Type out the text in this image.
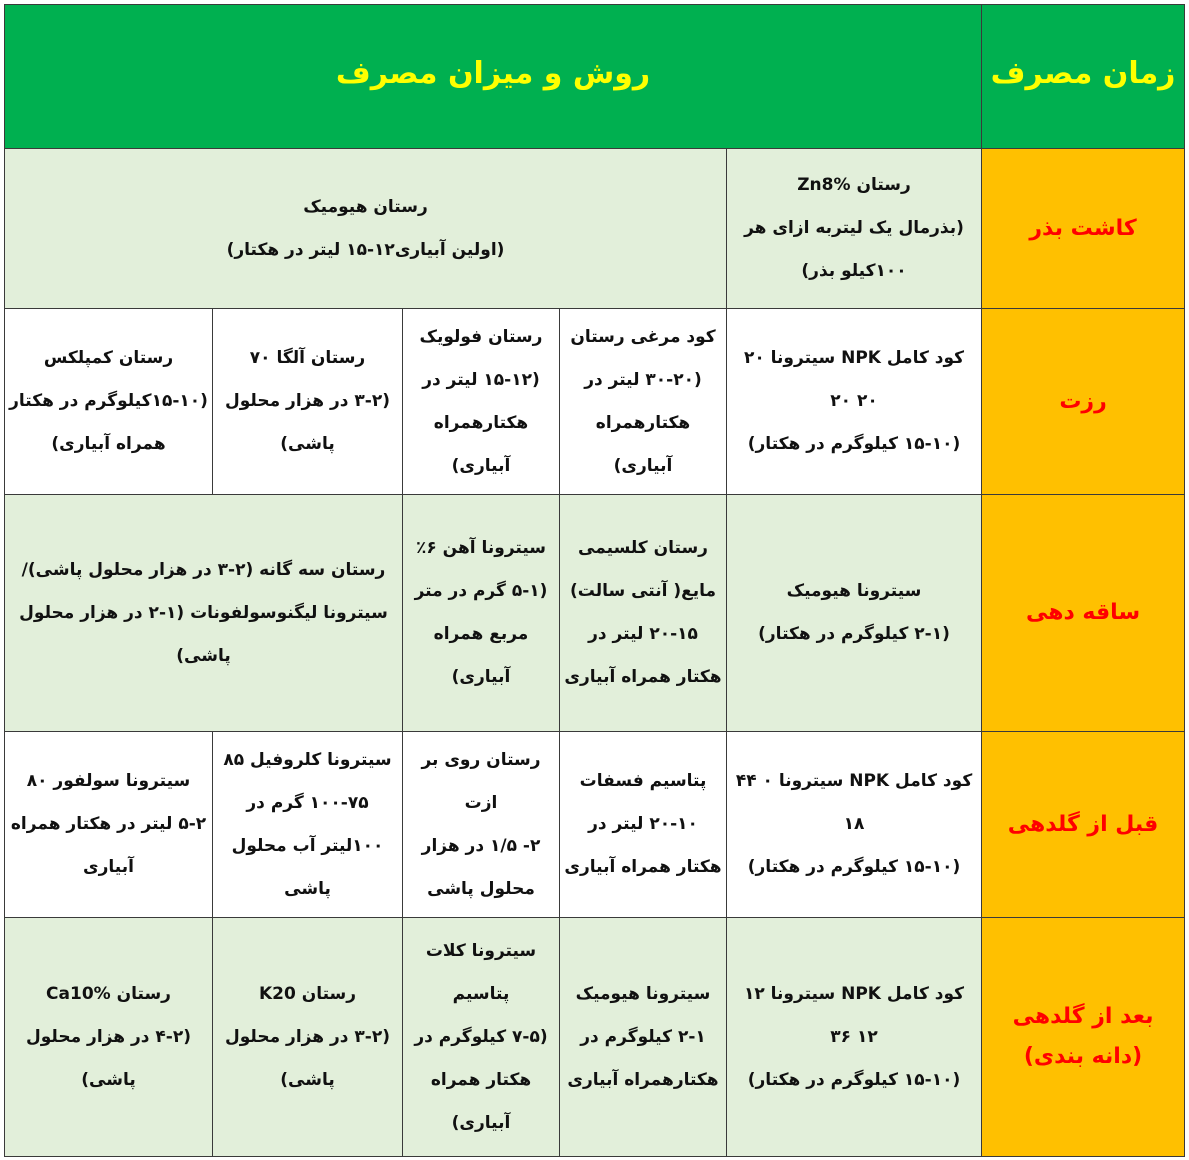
روش و میزان مصرف					زمان مصرف

رستان هیومیک
(اولین آبیاری۱۲-۱۵ لیتر در هکتار)				رستان Zn8%
(بذرمال یک لیتربه ازای هر
۱۰۰کیلو بذر)	کاشت بذر

رستان کمپلکس
(۱۵-۱۰کیلوگرم در هکتار
همراه آبیاری)	رستان آلگا ۷۰
(۳-۲ در هزار محلول
پاشی)	رستان فولویک
(۱۵-۱۲ لیتر در
هکتارهمراه
آبیاری)	کود مرغی رستان
(۳۰-۲۰ لیتر در
هکتارهمراه آبیاری)	کود کامل NPK سیترونا ۲۰
۲۰ ۲۰
(۱۵-۱۰ کیلوگرم در هکتار)	رزت

رستان سه گانه (۲-۳ در هزار محلول پاشی)/
سیترونا لیگنوسولفونات (۱-۲ در هزار محلول
پاشی)		سیترونا آهن ۶٪
(۵-۱ گرم در متر
مربع همراه
آبیاری)	رستان کلسیمی
مایع( آنتی سالت)
۲۰-۱۵ لیتر در
هکتار همراه آبیاری	سیترونا هیومیک
(۲-۱ کیلوگرم در هکتار)	ساقه دهی

سیترونا سولفور ۸۰
۵-۲ لیتر در هکتار همراه
آبیاری	سیترونا کلروفیل ۸۵
۱۰۰-۷۵ گرم در
۱۰۰لیتر آب محلول
پاشی	رستان روی بر ازت
۲- ۱/۵ در هزار
محلول پاشی	پتاسیم فسفات
۲۰-۱۰ لیتر در
هکتار همراه آبیاری	کود کامل NPK سیترونا ۰ ۴۴
۱۸
(۱۵-۱۰ کیلوگرم در هکتار)	قبل از گلدهی

رستان Ca10%
(۴-۲ در هزار محلول
پاشی)	رستان K20
(۳-۲ در هزار محلول
پاشی)	سیترونا کلات
پتاسیم
(۷-۵ کیلوگرم در
هکتار همراه
آبیاری)	سیترونا هیومیک
۲-۱ کیلوگرم در
هکتارهمراه آبیاری	کود کامل NPK سیترونا ۱۲
۱۲ ۳۶
(۱۵-۱۰ کیلوگرم در هکتار)	بعد از گلدهی
(دانه بندی)
